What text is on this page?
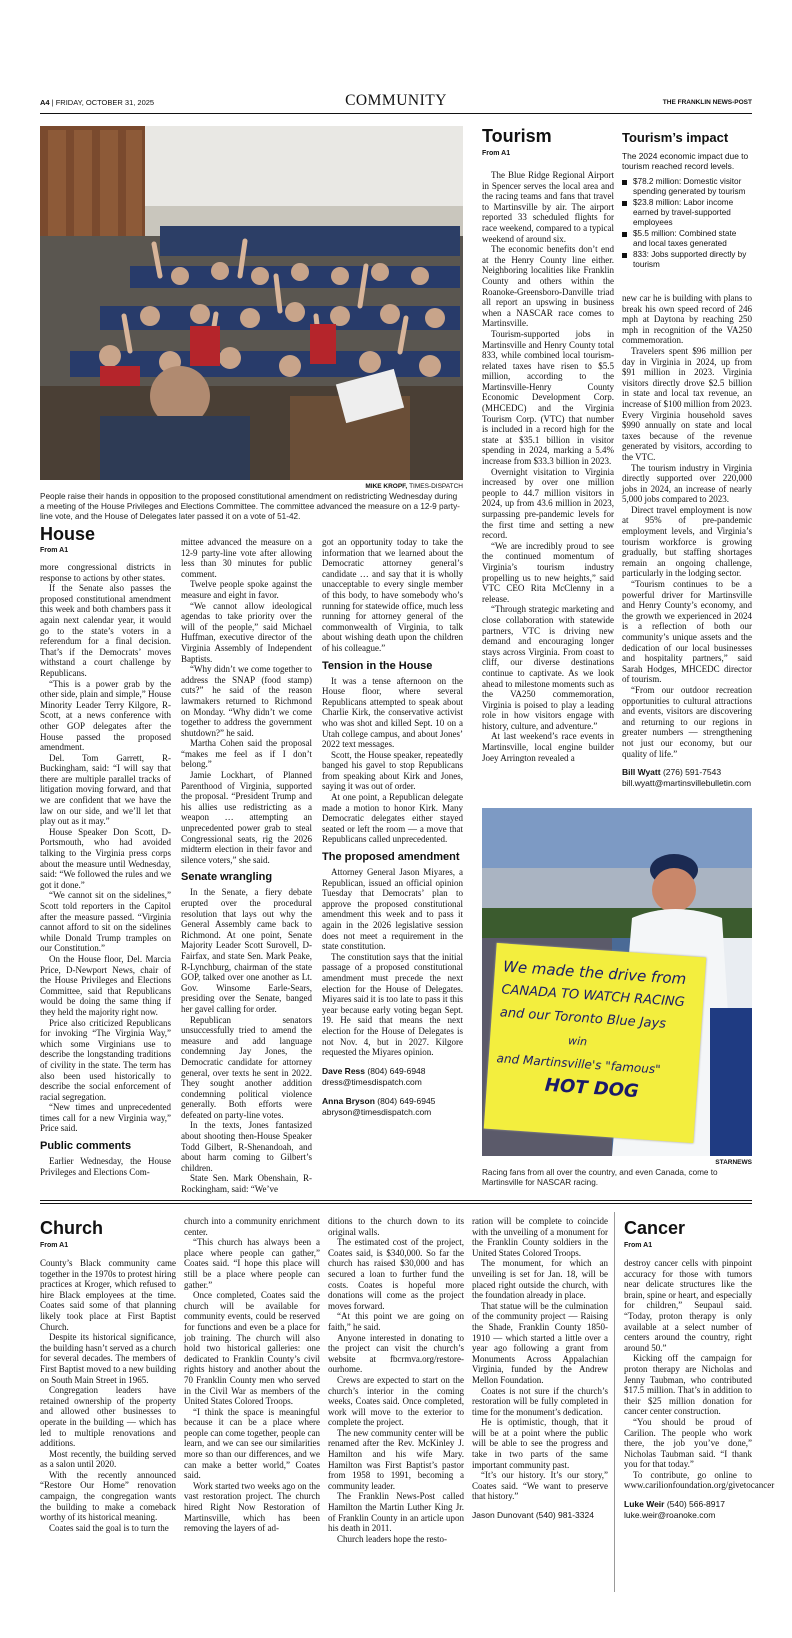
A4 | FRIDAY, OCTOBER 31, 2025	COMMUNITY	THE FRANKLIN NEWS-POST
MIKE KROPF, TIMES-DISPATCH
People raise their hands in opposition to the proposed constitutional amendment on redistricting Wednesday during a meeting of the House Privileges and Elections Committee. The committee advanced the measure on a 12-9 party-line vote, and the House of Delegates later passed it on a vote of 51-42.
House
From A1

more congressional districts in response to actions by other states.

If the Senate also passes the proposed constitutional amendment this week and both chambers pass it again next calendar year, it would go to the state’s voters in a referendum for a final decision. That’s if the Democrats’ moves withstand a court challenge by Republicans.

“This is a power grab by the other side, plain and simple,” House Minority Leader Terry Kilgore, R-Scott, at a news conference with other GOP delegates after the House passed the proposed amendment.

Del. Tom Garrett, R-Buckingham, said: “I will say that there are multiple parallel tracks of litigation moving forward, and that we are confident that we have the law on our side, and we’ll let that play out as it may.”

House Speaker Don Scott, D-Portsmouth, who had avoided talking to the Virginia press corps about the measure until Wednesday, said: “We followed the rules and we got it done.”

“We cannot sit on the sidelines,” Scott told reporters in the Capitol after the measure passed. “Virginia cannot afford to sit on the sidelines while Donald Trump tramples on our Constitution.”

On the House floor, Del. Marcia Price, D-Newport News, chair of the House Privileges and Elections Committee, said that Republicans would be doing the same thing if they held the majority right now.

Price also criticized Republicans for invoking “The Virginia Way,” which some Virginians use to describe the longstanding traditions of civility in the state. The term has also been used historically to describe the social enforcement of racial segregation.

“New times and unprecedented times call for a new Virginia way,” Price said.

Public comments

Earlier Wednesday, the House Privileges and Elections Com-

mittee advanced the measure on a 12-9 party-line vote after allowing less than 30 minutes for public comment.

Twelve people spoke against the measure and eight in favor.

“We cannot allow ideological agendas to take priority over the will of the people,” said Michael Huffman, executive director of the Virginia Assembly of Independent Baptists.

“Why didn’t we come together to address the SNAP (food stamp) cuts?” he said of the reason lawmakers returned to Richmond on Monday. “Why didn’t we come together to address the government shutdown?” he said.

Martha Cohen said the proposal “makes me feel as if I don’t belong.”

Jamie Lockhart, of Planned Parenthood of Virginia, supported the proposal. “President Trump and his allies use redistricting as a weapon … attempting an unprecedented power grab to steal Congressional seats, rig the 2026 midterm election in their favor and silence voters,” she said.

Senate wrangling

In the Senate, a fiery debate erupted over the procedural resolution that lays out why the General Assembly came back to Richmond. At one point, Senate Majority Leader Scott Surovell, D-Fairfax, and state Sen. Mark Peake, R-Lynchburg, chairman of the state GOP, talked over one another as Lt. Gov. Winsome Earle-Sears, presiding over the Senate, banged her gavel calling for order.

Republican senators unsuccessfully tried to amend the measure and add language condemning Jay Jones, the Democratic candidate for attorney general, over texts he sent in 2022. They sought another addition condemning political violence generally. Both efforts were defeated on party-line votes.

In the texts, Jones fantasized about shooting then-House Speaker Todd Gilbert, R-Shenandoah, and about harm coming to Gilbert’s children.

State Sen. Mark Obenshain, R-Rockingham, said: “We’ve

got an opportunity today to take the information that we learned about the Democratic attorney general’s candidate … and say that it is wholly unacceptable to every single member of this body, to have somebody who’s running for statewide office, much less running for attorney general of the commonwealth of Virginia, to talk about wishing death upon the children of his colleague.”

Tension in the House

It was a tense afternoon on the House floor, where several Republicans attempted to speak about Charlie Kirk, the conservative activist who was shot and killed Sept. 10 on a Utah college campus, and about Jones’ 2022 text messages.

Scott, the House speaker, repeatedly banged his gavel to stop Republicans from speaking about Kirk and Jones, saying it was out of order.

At one point, a Republican delegate made a motion to honor Kirk. Many Democratic delegates either stayed seated or left the room — a move that Republicans called unprecedented.

The proposed amendment

Attorney General Jason Miyares, a Republican, issued an official opinion Tuesday that Democrats’ plan to approve the proposed constitutional amendment this week and to pass it again in the 2026 legislative session does not meet a requirement in the state constitution.

The constitution says that the initial passage of a proposed constitutional amendment must precede the next election for the House of Delegates. Miyares said it is too late to pass it this year because early voting began Sept. 19. He said that means the next election for the House of Delegates is not Nov. 4, but in 2027. Kilgore requested the Miyares opinion.

Dave Ress (804) 649-6948
dress@timesdispatch.com
Anna Bryson (804) 649-6945
abryson@timesdispatch.com
Tourism
From A1

The Blue Ridge Regional Airport in Spencer serves the local area and the racing teams and fans that travel to Martinsville by air. The airport reported 33 scheduled flights for race weekend, compared to a typical weekend of around six.

The economic benefits don’t end at the Henry County line either. Neighboring localities like Franklin County and others within the Roanoke-Greensboro-Danville triad all report an upswing in business when a NASCAR race comes to Martinsville.

Tourism-supported jobs in Martinsville and Henry County total 833, while combined local tourism-related taxes have risen to $5.5 million, according to the Martinsville-Henry County Economic Development Corp. (MHCEDC) and the Virginia Tourism Corp. (VTC) that number is included in a record high for the state at $35.1 billion in visitor spending in 2024, marking a 5.4% increase from $33.3 billion in 2023.

Overnight visitation to Virginia increased by over one million people to 44.7 million visitors in 2024, up from 43.6 million in 2023, surpassing pre-pandemic levels for the first time and setting a new record.

“We are incredibly proud to see the continued momentum of Virginia’s tourism industry propelling us to new heights,” said VTC CEO Rita McClenny in a release.

“Through strategic marketing and close collaboration with statewide partners, VTC is driving new demand and encouraging longer stays across Virginia. From coast to cliff, our diverse destinations continue to captivate. As we look ahead to milestone moments such as the VA250 commemoration, Virginia is poised to play a leading role in how visitors engage with history, culture, and adventure.”

At last weekend’s race events in Martinsville, local engine builder Joey Arrington revealed a

Tourism’s impact
The 2024 economic impact due to tourism reached record levels.
$78.2 million: Domestic visitor spending generated by tourism
$23.8 million: Labor income earned by travel-supported employees
$5.5 million: Combined state and local taxes generated
833: Jobs supported directly by tourism

new car he is building with plans to break his own speed record of 246 mph at Daytona by reaching 250 mph in recognition of the VA250 commemoration.

Travelers spent $96 million per day in Virginia in 2024, up from $91 million in 2023. Virginia visitors directly drove $2.5 billion in state and local tax revenue, an increase of $100 million from 2023. Every Virginia household saves $990 annually on state and local taxes because of the revenue generated by visitors, according to the VTC.

The tourism industry in Virginia directly supported over 220,000 jobs in 2024, an increase of nearly 5,000 jobs compared to 2023.

Direct travel employment is now at 95% of pre-pandemic employment levels, and Virginia’s tourism workforce is growing gradually, but staffing shortages remain an ongoing challenge, particularly in the lodging sector.

“Tourism continues to be a powerful driver for Martinsville and Henry County’s economy, and the growth we experienced in 2024 is a reflection of both our community’s unique assets and the dedication of our local businesses and hospitality partners,” said Sarah Hodges, MHCEDC director of tourism.

“From our outdoor recreation opportunities to cultural attractions and events, visitors are discovering and returning to our regions in greater numbers — strengthening not just our economy, but our quality of life.”

Bill Wyatt (276) 591-7543
bill.wyatt@martinsvillebulletin.com
We made the drive from
CANADA TO WATCH RACING
and our Toronto Blue Jays
win
and Martinsville's "famous"
HOT DOG
STARNEWS
Racing fans from all over the country, and even Canada, come to Martinsville for NASCAR racing.
Church
From A1

County’s Black community came together in the 1970s to protest hiring practices at Kroger, which refused to hire Black employees at the time. Coates said some of that planning likely took place at First Baptist Church.

Despite its historical significance, the building hasn’t served as a church for several decades. The members of First Baptist moved to a new building on South Main Street in 1965.

Congregation leaders have retained ownership of the property and allowed other businesses to operate in the building — which has led to multiple renovations and additions.

Most recently, the building served as a salon until 2020.

With the recently announced “Restore Our Home” renovation campaign, the congregation wants the building to make a comeback worthy of its historical meaning.

Coates said the goal is to turn the

church into a community enrichment center.

“This church has always been a place where people can gather,” Coates said. “I hope this place will still be a place where people can gather.”

Once completed, Coates said the church will be available for community events, could be reserved for functions and even be a place for job training. The church will also hold two historical galleries: one dedicated to Franklin County’s civil rights history and another about the 70 Franklin County men who served in the Civil War as members of the United States Colored Troops.

“I think the space is meaningful because it can be a place where people can come together, people can learn, and we can see our similarities more so than our differences, and we can make a better world,” Coates said.

Work started two weeks ago on the vast restoration project. The church hired Right Now Restoration of Martinsville, which has been removing the layers of ad-

ditions to the church down to its original walls.

The estimated cost of the project, Coates said, is $340,000. So far the church has raised $30,000 and has secured a loan to further fund the costs. Coates is hopeful more donations will come as the project moves forward.

“At this point we are going on faith,” he said.

Anyone interested in donating to the project can visit the church’s website at fbcrmva.org/restore-ourhome.

Crews are expected to start on the church’s interior in the coming weeks, Coates said. Once completed, work will move to the exterior to complete the project.

The new community center will be renamed after the Rev. McKinley J. Hamilton and his wife Mary. Hamilton was First Baptist’s pastor from 1958 to 1991, becoming a community leader.

The Franklin News-Post called Hamilton the Martin Luther King Jr. of Franklin County in an article upon his death in 2011.

Church leaders hope the resto-

ration will be complete to coincide with the unveiling of a monument for the Franklin County soldiers in the United States Colored Troops.

The monument, for which an unveiling is set for Jan. 18, will be placed right outside the church, with the foundation already in place.

That statue will be the culmination of the community project — Raising the Shade, Franklin County 1850-1910 — which started a little over a year ago following a grant from Monuments Across Appalachian Virginia, funded by the Andrew Mellon Foundation.

Coates is not sure if the church’s restoration will be fully completed in time for the monument’s dedication.

He is optimistic, though, that it will be at a point where the public will be able to see the progress and take in two parts of the same important community past.

“It’s our history. It’s our story,” Coates said. “We want to preserve that history.”

Jason Dunovant (540) 981-3324
Cancer
From A1

destroy cancer cells with pinpoint accuracy for those with tumors near delicate structures like the brain, spine or heart, and especially for children,” Seupaul said. “Today, proton therapy is only available at a select number of centers around the country, right around 50.”

Kicking off the campaign for proton therapy are Nicholas and Jenny Taubman, who contributed $17.5 million. That’s in addition to their $25 million donation for cancer center construction.

“You should be proud of Carilion. The people who work there, the job you’ve done,” Nicholas Taubman said. “I thank you for that today.”

To contribute, go online to www.carilionfoundation.org/givetocancer

Luke Weir (540) 566-8917
luke.weir@roanoke.com
